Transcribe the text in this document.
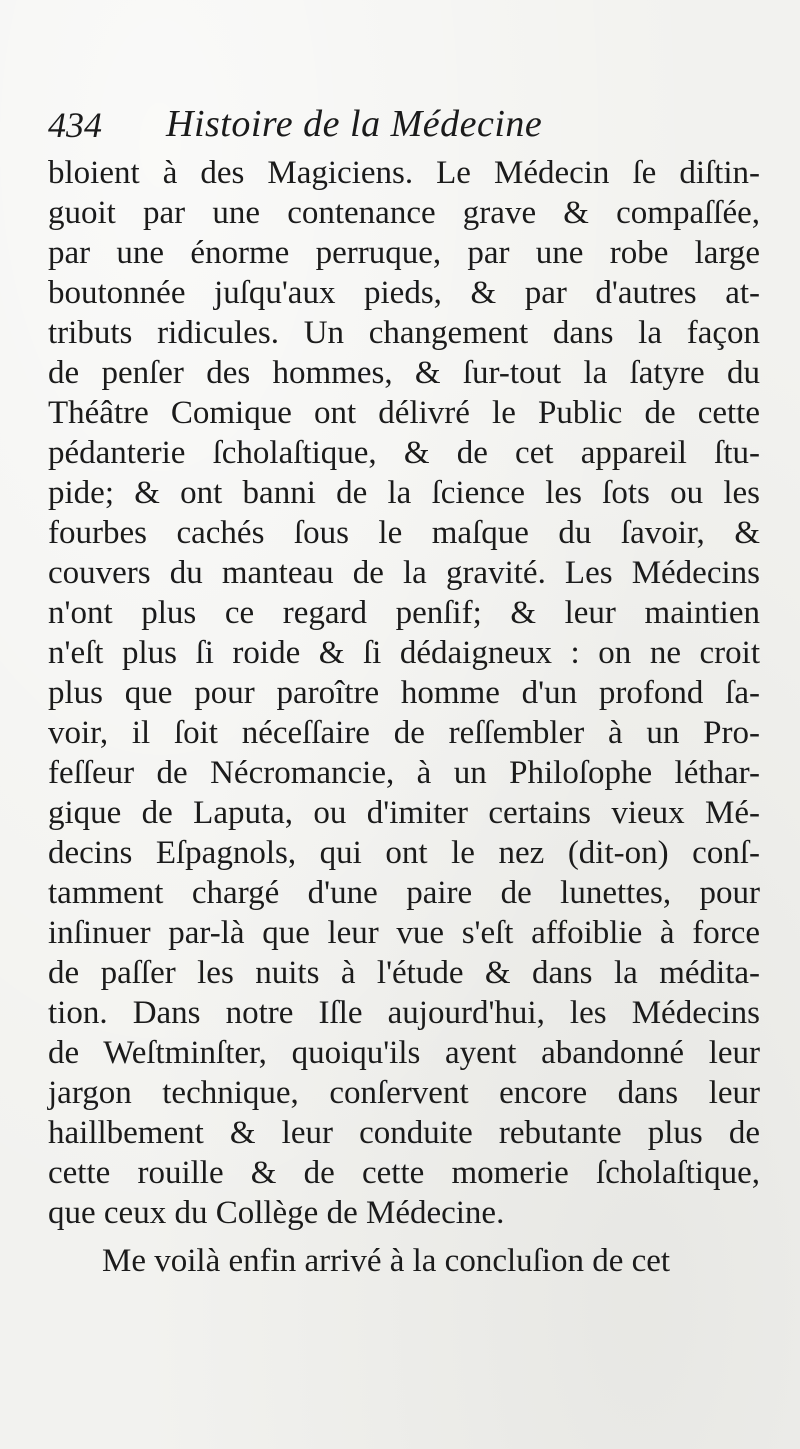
434 Histoire de la Médecine
bloient à des Magiciens. Le Médecin ſe diſtin-
guoit par une contenance grave & compaſſée,
par une énorme perruque, par une robe large
boutonnée juſqu'aux pieds, & par d'autres at-
tributs ridicules. Un changement dans la façon
de penſer des hommes, & ſur-tout la ſatyre du
Théâtre Comique ont délivré le Public de cette
pédanterie ſcholaſtique, & de cet appareil ſtu-
pide; & ont banni de la ſcience les ſots ou les
fourbes cachés ſous le maſque du ſavoir, &
couvers du manteau de la gravité. Les Médecins
n'ont plus ce regard penſif; & leur maintien
n'eſt plus ſi roide & ſi dédaigneux : on ne croit
plus que pour paroître homme d'un profond ſa-
voir, il ſoit néceſſaire de reſſembler à un Pro-
feſſeur de Nécromancie, à un Philoſophe léthar-
gique de Laputa, ou d'imiter certains vieux Mé-
decins Eſpagnols, qui ont le nez (dit-on) conſ-
tamment chargé d'une paire de lunettes, pour
inſinuer par-là que leur vue s'eſt affoiblie à force
de paſſer les nuits à l'étude & dans la médita-
tion. Dans notre Iſle aujourd'hui, les Médecins
de Weſtminſter, quoiqu'ils ayent abandonné leur
jargon technique, conſervent encore dans leur
haillbement & leur conduite rebutante plus de
cette rouille & de cette momerie ſcholaſtique,
que ceux du Collège de Médecine.
Me voilà enfin arrivé à la concluſion de cet
